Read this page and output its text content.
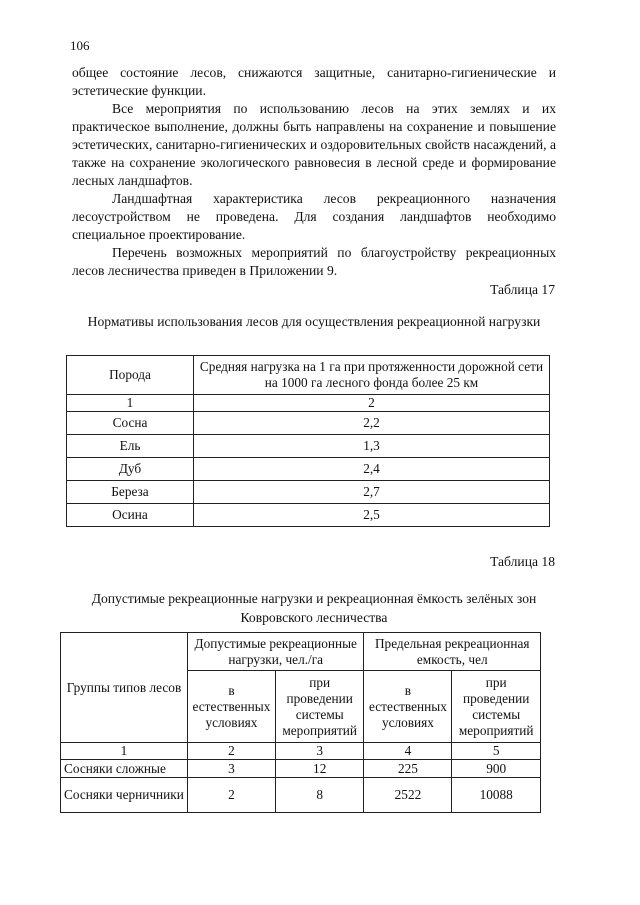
106

общее состояние лесов, снижаются защитные, санитарно-гигиенические и эстетические функции.

Все мероприятия по использованию лесов на этих землях и их практическое выполнение, должны быть направлены на сохранение и повышение эстетических, санитарно-гигиенических и оздоровительных свойств насаждений, а также на сохранение экологического равновесия в лесной среде и формирование лесных ландшафтов.

Ландшафтная характеристика лесов рекреационного назначения лесоустройством не проведена. Для создания ландшафтов необходимо специальное проектирование.

Перечень возможных мероприятий по благоустройству рекреационных лесов лесничества приведен в Приложении 9.

Таблица 17

Нормативы использования лесов для осуществления рекреационной нагрузки

Порода	Средняя нагрузка на 1 га при протяженности дорожной сети на 1000 га лесного фонда более 25 км
1	2
Сосна	2,2
Ель	1,3
Дуб	2,4
Береза	2,7
Осина	2,5
Таблица 18

Допустимые рекреационные нагрузки и рекреационная ёмкость зелёных зон Ковровского лесничества

Группы типов лесов	Допустимые рекреационные нагрузки, чел./га		Предельная рекреационная емкость, чел	
	в естественных условиях	при проведении системы мероприятий	в естественных условиях	при проведении системы мероприятий
1	2	3	4	5
Сосняки сложные	3	12	225	900
Сосняки черничники	2	8	2522	10088
